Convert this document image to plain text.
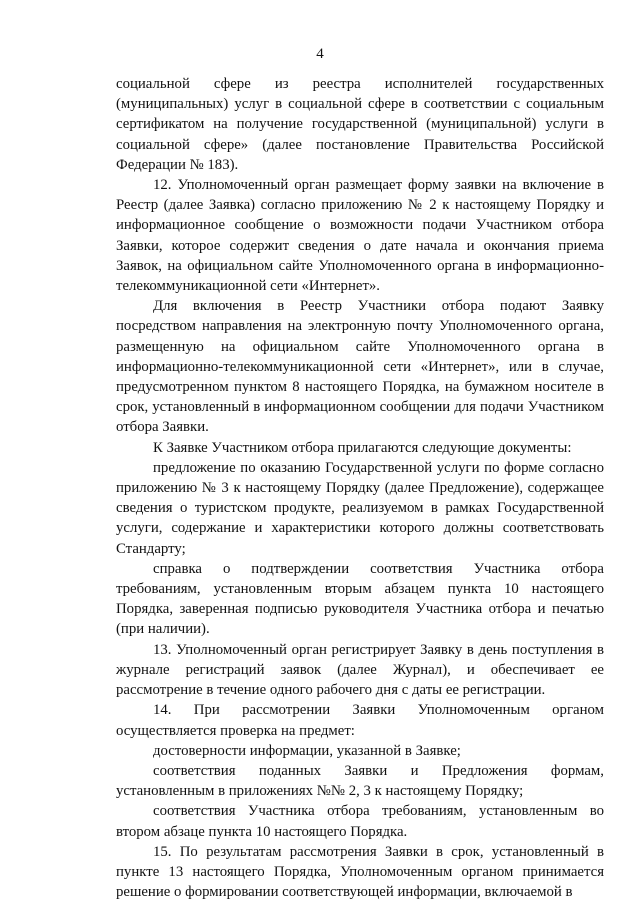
4

социальной сфере из реестра исполнителей государственных (муниципальных) услуг в социальной сфере в соответствии с социальным сертификатом на получение государственной (муниципальной) услуги в социальной сфере» (далее постановление Правительства Российской Федерации № 183).

12. Уполномоченный орган размещает форму заявки на включение в Реестр (далее Заявка) согласно приложению № 2 к настоящему Порядку и информационное сообщение о возможности подачи Участником отбора Заявки, которое содержит сведения о дате начала и окончания приема Заявок, на официальном сайте Уполномоченного органа в информационно-телекоммуникационной сети «Интернет».

Для включения в Реестр Участники отбора подают Заявку посредством направления на электронную почту Уполномоченного органа, размещенную на официальном сайте Уполномоченного органа в информационно-телекоммуникационной сети «Интернет», или в случае, предусмотренном пунктом 8 настоящего Порядка, на бумажном носителе в срок, установленный в информационном сообщении для подачи Участником отбора Заявки.

К Заявке Участником отбора прилагаются следующие документы:

предложение по оказанию Государственной услуги по форме согласно приложению № 3 к настоящему Порядку (далее Предложение), содержащее сведения о туристском продукте, реализуемом в рамках Государственной услуги, содержание и характеристики которого должны соответствовать Стандарту;

справка о подтверждении соответствия Участника отбора требованиям, установленным вторым абзацем пункта 10 настоящего Порядка, заверенная подписью руководителя Участника отбора и печатью (при наличии).

13. Уполномоченный орган регистрирует Заявку в день поступления в журнале регистраций заявок (далее Журнал), и обеспечивает ее рассмотрение в течение одного рабочего дня с даты ее регистрации.

14. При рассмотрении Заявки Уполномоченным органом осуществляется проверка на предмет:

достоверности информации, указанной в Заявке;

соответствия поданных Заявки и Предложения формам, установленным в приложениях №№ 2, 3 к настоящему Порядку;

соответствия Участника отбора требованиям, установленным во втором абзаце пункта 10 настоящего Порядка.

15. По результатам рассмотрения Заявки в срок, установленный в пункте 13 настоящего Порядка, Уполномоченным органом принимается решение о формировании соответствующей информации, включаемой в
